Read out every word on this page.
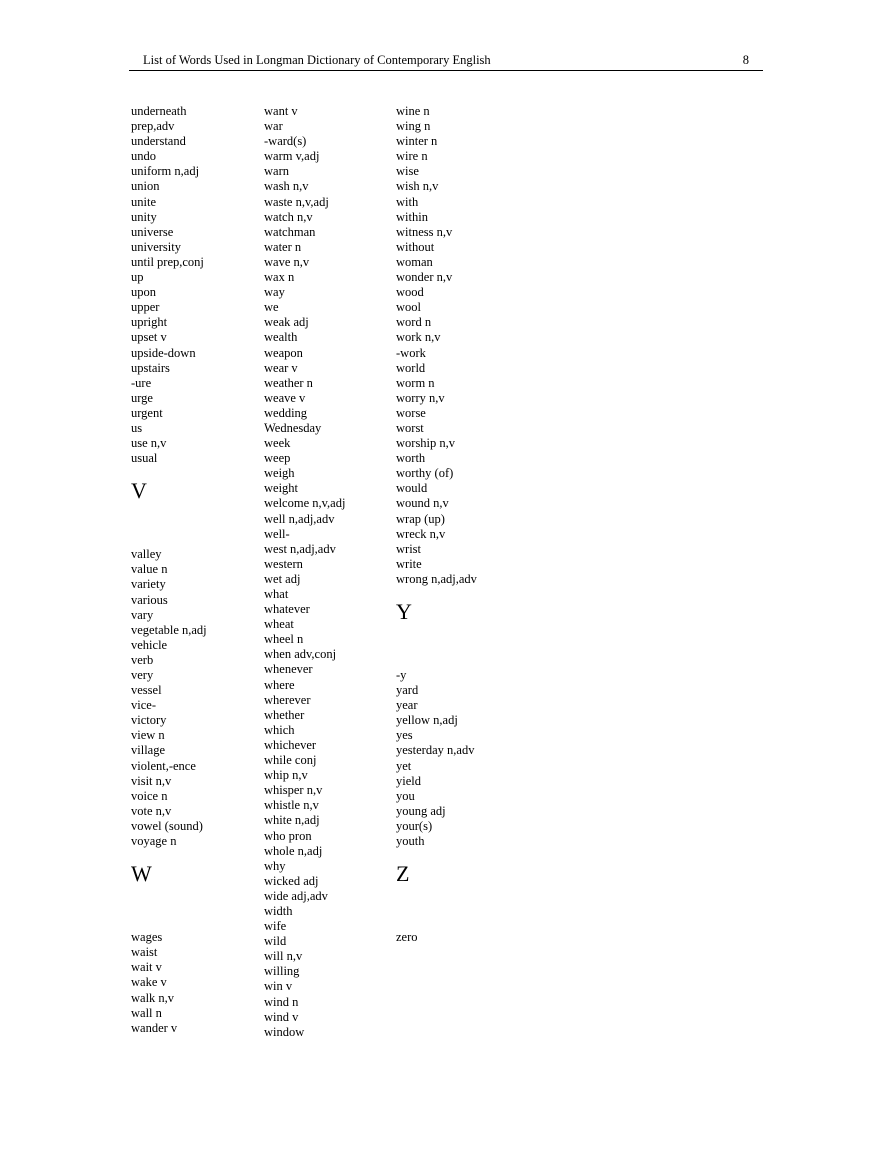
List of Words Used in Longman Dictionary of Contemporary English	8
underneath
prep,adv
understand
undo
uniform n,adj
union
unite
unity
universe
university
until prep,conj
up
upon
upper
upright
upset v
upside-down
upstairs
-ure
urge
urgent
us
use n,v
usual
V
valley
value n
variety
various
vary
vegetable n,adj
vehicle
verb
very
vessel
vice-
victory
view n
village
violent,-ence
visit n,v
voice n
vote n,v
vowel (sound)
voyage n
W
wages
waist
wait v
wake v
walk n,v
wall n
wander v
want v
war
-ward(s)
warm v,adj
warn
wash n,v
waste n,v,adj
watch n,v
watchman
water n
wave n,v
wax n
way
we
weak adj
wealth
weapon
wear v
weather n
weave v
wedding
Wednesday
week
weep
weigh
weight
welcome n,v,adj
well n,adj,adv
well-
west n,adj,adv
western
wet adj
what
whatever
wheat
wheel n
when adv,conj
whenever
where
wherever
whether
which
whichever
while conj
whip n,v
whisper n,v
whistle n,v
white n,adj
who pron
whole n,adj
why
wicked adj
wide adj,adv
width
wife
wild
will n,v
willing
win v
wind n
wind v
window
wine n
wing n
winter n
wire n
wise
wish n,v
with
within
witness n,v
without
woman
wonder n,v
wood
wool
word n
work n,v
-work
world
worm n
worry n,v
worse
worst
worship n,v
worth
worthy (of)
would
wound n,v
wrap (up)
wreck n,v
wrist
write
wrong n,adj,adv
Y
-y
yard
year
yellow n,adj
yes
yesterday n,adv
yet
yield
you
young adj
your(s)
youth
Z
zero
